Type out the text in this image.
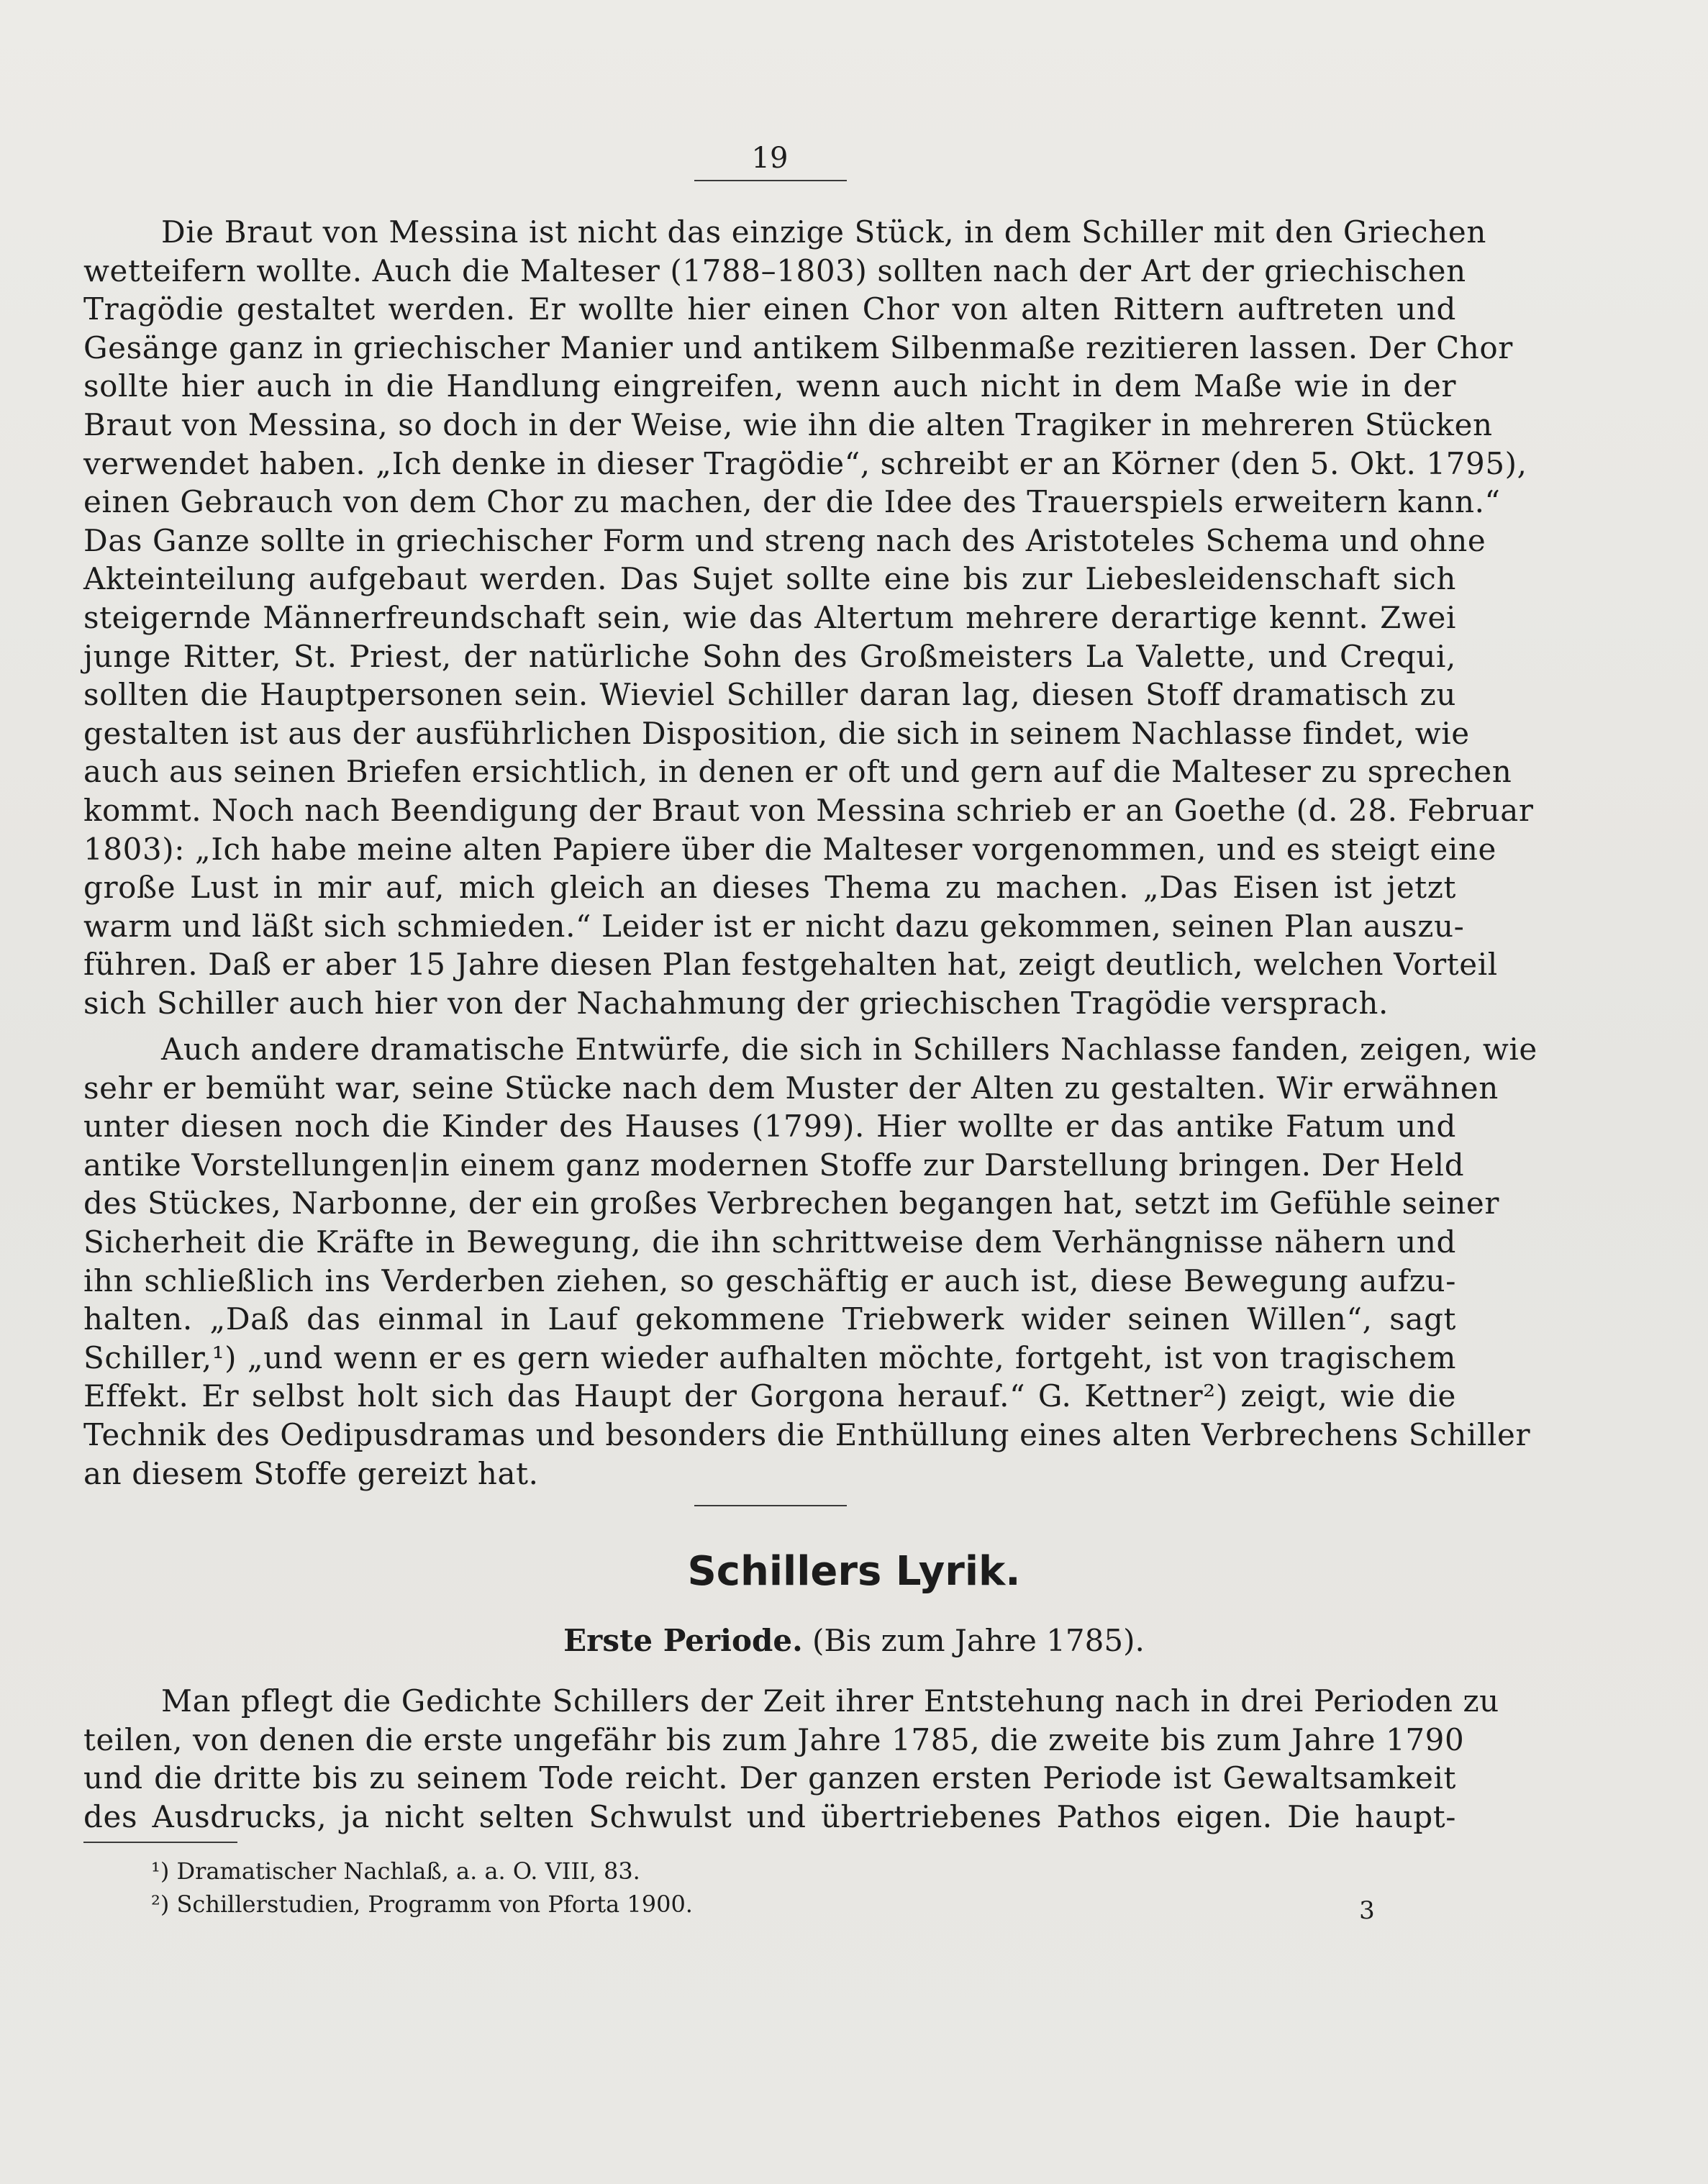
19
Die Braut von Messina ist nicht das einzige Stück, in dem Schiller mit den Griechen
wetteifern wollte. Auch die Malteser (1788–1803) sollten nach der Art der griechischen
Tragödie gestaltet werden. Er wollte hier einen Chor von alten Rittern auftreten und
Gesänge ganz in griechischer Manier und antikem Silbenmaße rezitieren lassen. Der Chor
sollte hier auch in die Handlung eingreifen, wenn auch nicht in dem Maße wie in der
Braut von Messina, so doch in der Weise, wie ihn die alten Tragiker in mehreren Stücken
verwendet haben. „Ich denke in dieser Tragödie“, schreibt er an Körner (den 5. Okt. 1795),
einen Gebrauch von dem Chor zu machen, der die Idee des Trauerspiels erweitern kann.“
Das Ganze sollte in griechischer Form und streng nach des Aristoteles Schema und ohne
Akteinteilung aufgebaut werden. Das Sujet sollte eine bis zur Liebesleidenschaft sich
steigernde Männerfreundschaft sein, wie das Altertum mehrere derartige kennt. Zwei
junge Ritter, St. Priest, der natürliche Sohn des Großmeisters La Valette, und Crequi,
sollten die Hauptpersonen sein. Wieviel Schiller daran lag, diesen Stoff dramatisch zu
gestalten ist aus der ausführlichen Disposition, die sich in seinem Nachlasse findet, wie
auch aus seinen Briefen ersichtlich, in denen er oft und gern auf die Malteser zu sprechen
kommt. Noch nach Beendigung der Braut von Messina schrieb er an Goethe (d. 28. Februar
1803): „Ich habe meine alten Papiere über die Malteser vorgenommen, und es steigt eine
große Lust in mir auf, mich gleich an dieses Thema zu machen. „Das Eisen ist jetzt
warm und läßt sich schmieden.“ Leider ist er nicht dazu gekommen, seinen Plan auszu-
führen. Daß er aber 15 Jahre diesen Plan festgehalten hat, zeigt deutlich, welchen Vorteil
sich Schiller auch hier von der Nachahmung der griechischen Tragödie versprach.
Auch andere dramatische Entwürfe, die sich in Schillers Nachlasse fanden, zeigen, wie
sehr er bemüht war, seine Stücke nach dem Muster der Alten zu gestalten. Wir erwähnen
unter diesen noch die Kinder des Hauses (1799). Hier wollte er das antike Fatum und
antike Vorstellungen|in einem ganz modernen Stoffe zur Darstellung bringen. Der Held
des Stückes, Narbonne, der ein großes Verbrechen begangen hat, setzt im Gefühle seiner
Sicherheit die Kräfte in Bewegung, die ihn schrittweise dem Verhängnisse nähern und
ihn schließlich ins Verderben ziehen, so geschäftig er auch ist, diese Bewegung aufzu-
halten. „Daß das einmal in Lauf gekommene Triebwerk wider seinen Willen“, sagt
Schiller,¹) „und wenn er es gern wieder aufhalten möchte, fortgeht, ist von tragischem
Effekt. Er selbst holt sich das Haupt der Gorgona herauf.“ G. Kettner²) zeigt, wie die
Technik des Oedipusdramas und besonders die Enthüllung eines alten Verbrechens Schiller
an diesem Stoffe gereizt hat.
Schillers Lyrik.
Erste Periode. (Bis zum Jahre 1785).
Man pflegt die Gedichte Schillers der Zeit ihrer Entstehung nach in drei Perioden zu
teilen, von denen die erste ungefähr bis zum Jahre 1785, die zweite bis zum Jahre 1790
und die dritte bis zu seinem Tode reicht. Der ganzen ersten Periode ist Gewaltsamkeit
des Ausdrucks, ja nicht selten Schwulst und übertriebenes Pathos eigen. Die haupt-
¹) Dramatischer Nachlaß, a. a. O. VIII, 83.
²) Schillerstudien, Programm von Pforta 1900.	3
